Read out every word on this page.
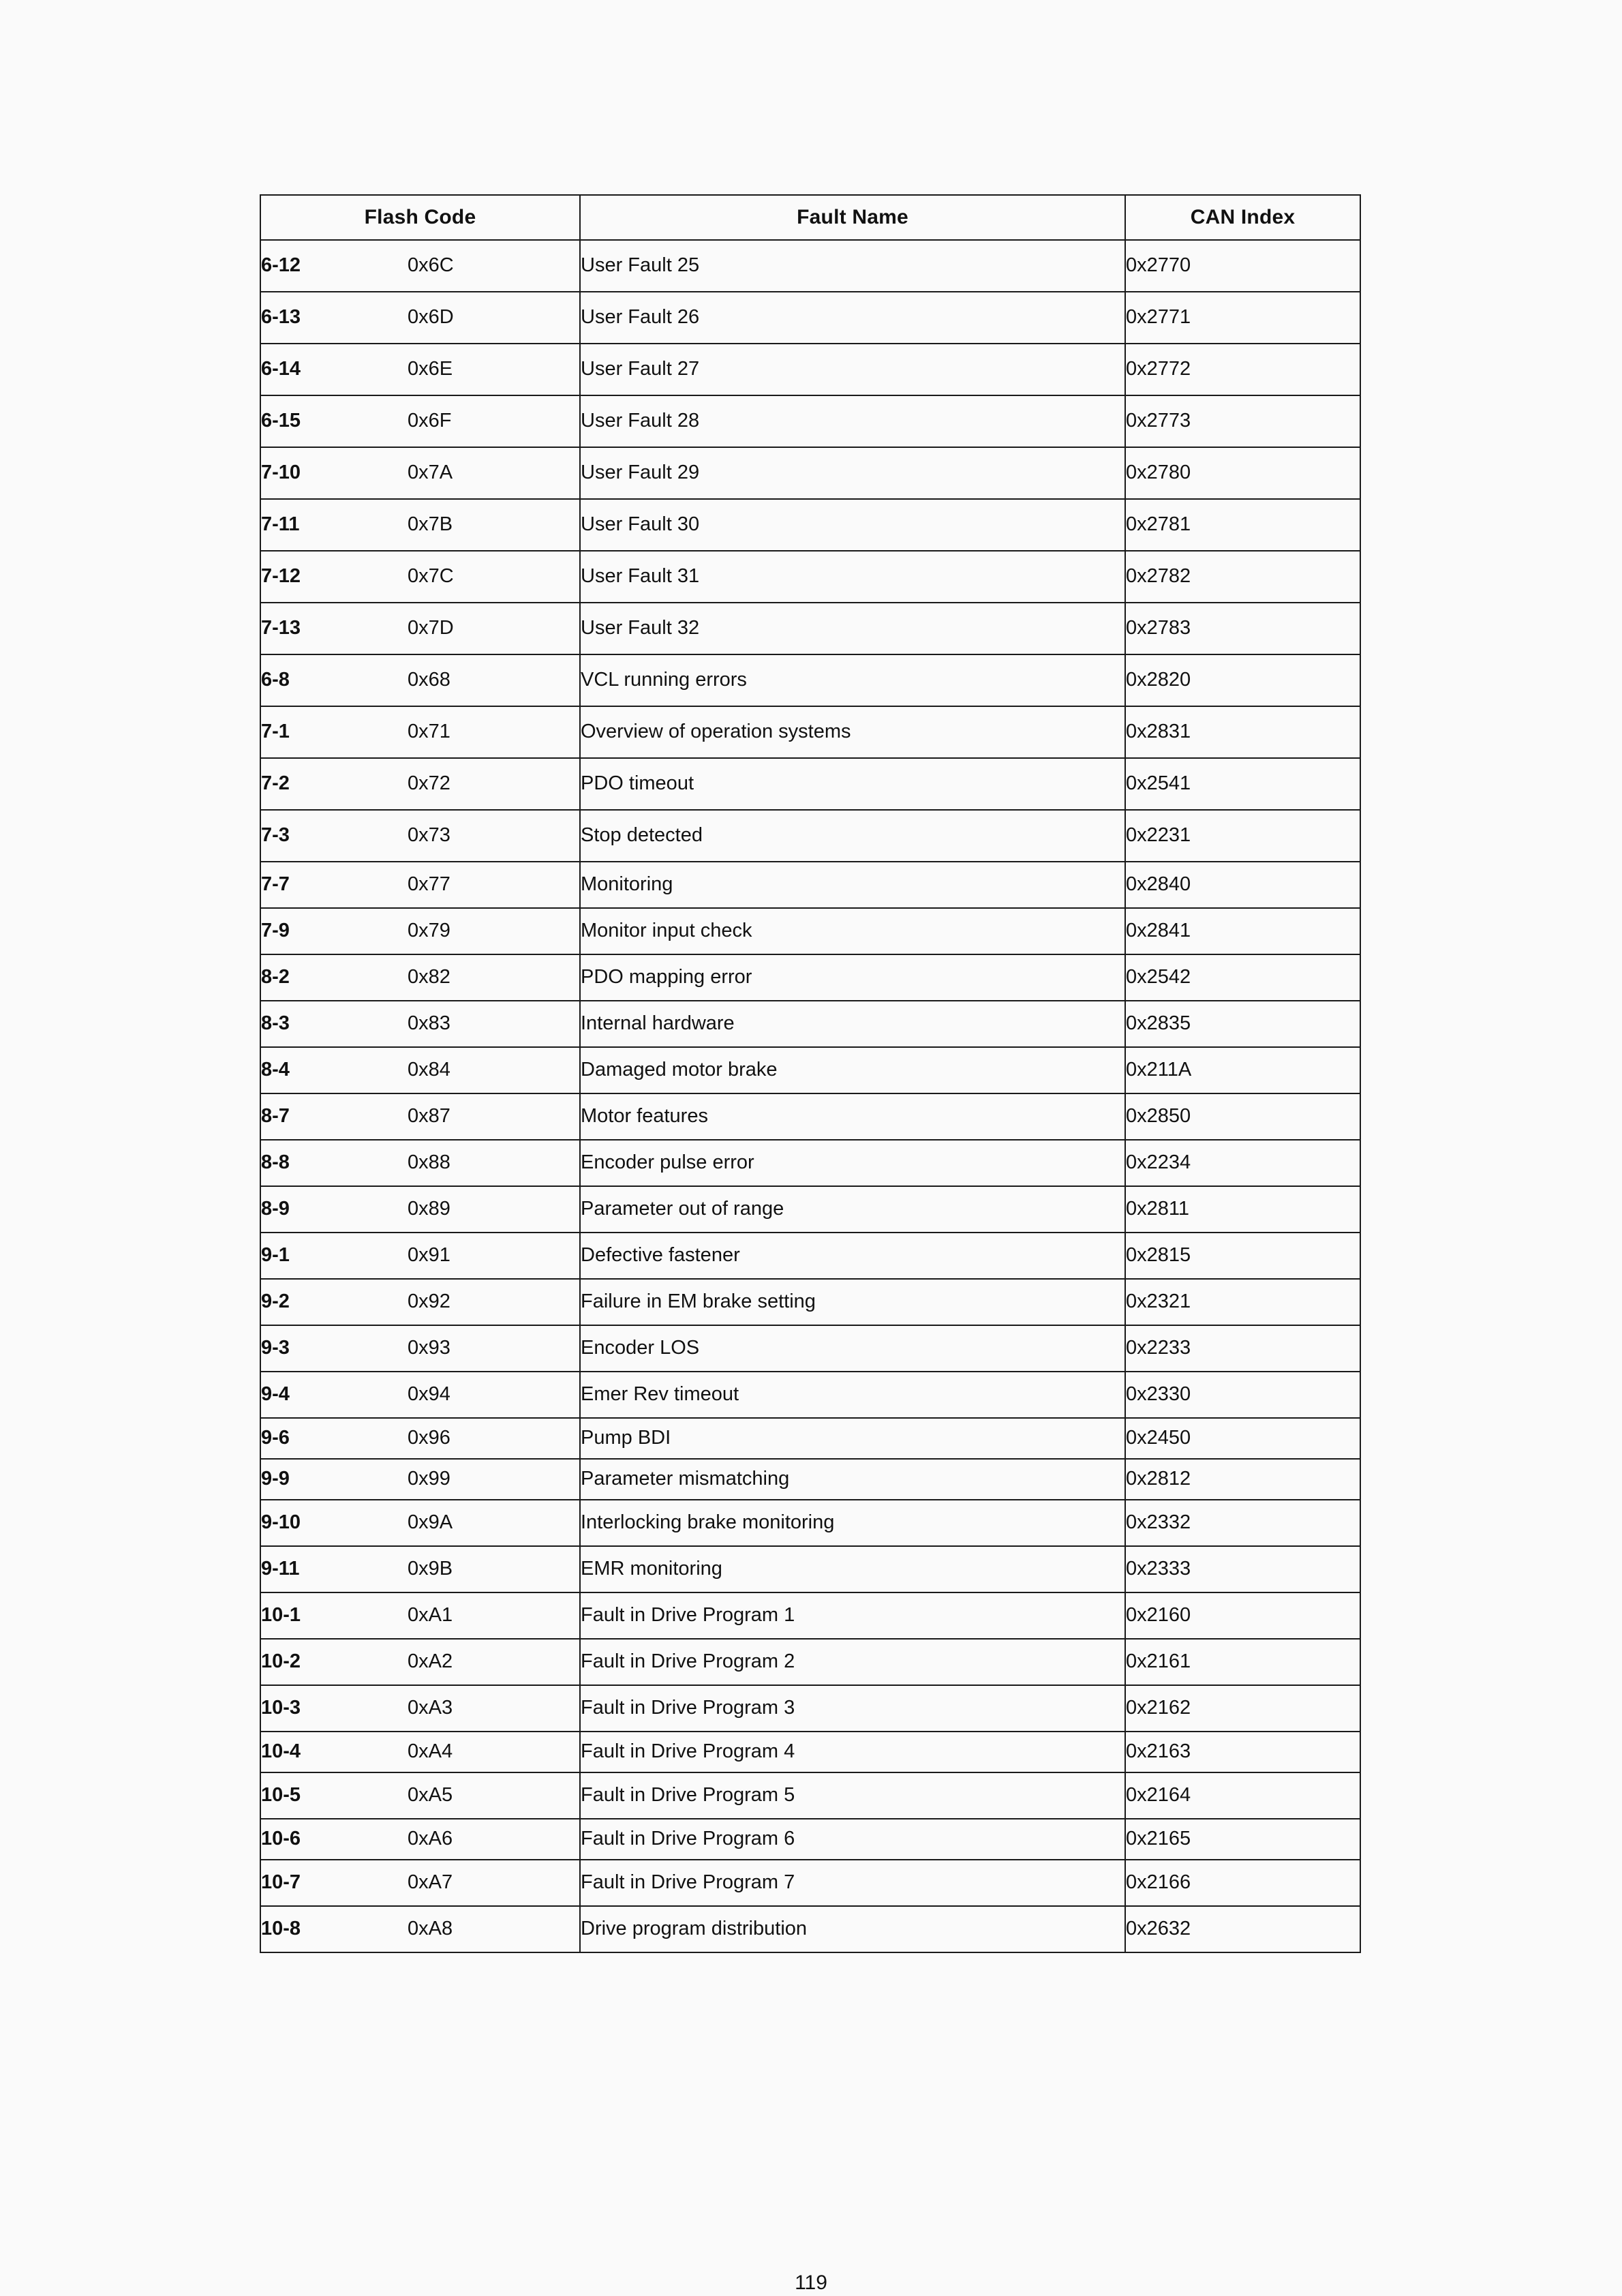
Flash Code	Fault Name	CAN Index

6-12 0x6C	User Fault 25	0x2770

6-13 0x6D	User Fault 26	0x2771

6-14 0x6E	User Fault 27	0x2772

6-15 0x6F	User Fault 28	0x2773

7-10 0x7A	User Fault 29	0x2780

7-11 0x7B	User Fault 30	0x2781

7-12 0x7C	User Fault 31	0x2782

7-13 0x7D	User Fault 32	0x2783

6-8 0x68	VCL running errors	0x2820

7-1 0x71	Overview of operation systems	0x2831

7-2 0x72	PDO timeout	0x2541

7-3 0x73	Stop detected	0x2231

7-7 0x77	Monitoring	0x2840

7-9 0x79	Monitor input check	0x2841

8-2 0x82	PDO mapping error	0x2542

8-3 0x83	Internal hardware	0x2835

8-4 0x84	Damaged motor brake	0x211A

8-7 0x87	Motor features	0x2850

8-8 0x88	Encoder pulse error	0x2234

8-9 0x89	Parameter out of range	0x2811

9-1 0x91	Defective fastener	0x2815

9-2 0x92	Failure in EM brake setting	0x2321

9-3 0x93	Encoder LOS	0x2233

9-4 0x94	Emer Rev timeout	0x2330

9-6 0x96	Pump BDI	0x2450

9-9 0x99	Parameter mismatching	0x2812

9-10 0x9A	Interlocking brake monitoring	0x2332

9-11 0x9B	EMR monitoring	0x2333

10-1 0xA1	Fault in Drive Program 1	0x2160

10-2 0xA2	Fault in Drive Program 2	0x2161

10-3 0xA3	Fault in Drive Program 3	0x2162

10-4 0xA4	Fault in Drive Program 4	0x2163

10-5 0xA5	Fault in Drive Program 5	0x2164

10-6 0xA6	Fault in Drive Program 6	0x2165

10-7 0xA7	Fault in Drive Program 7	0x2166

10-8 0xA8	Drive program distribution	0x2632
119
